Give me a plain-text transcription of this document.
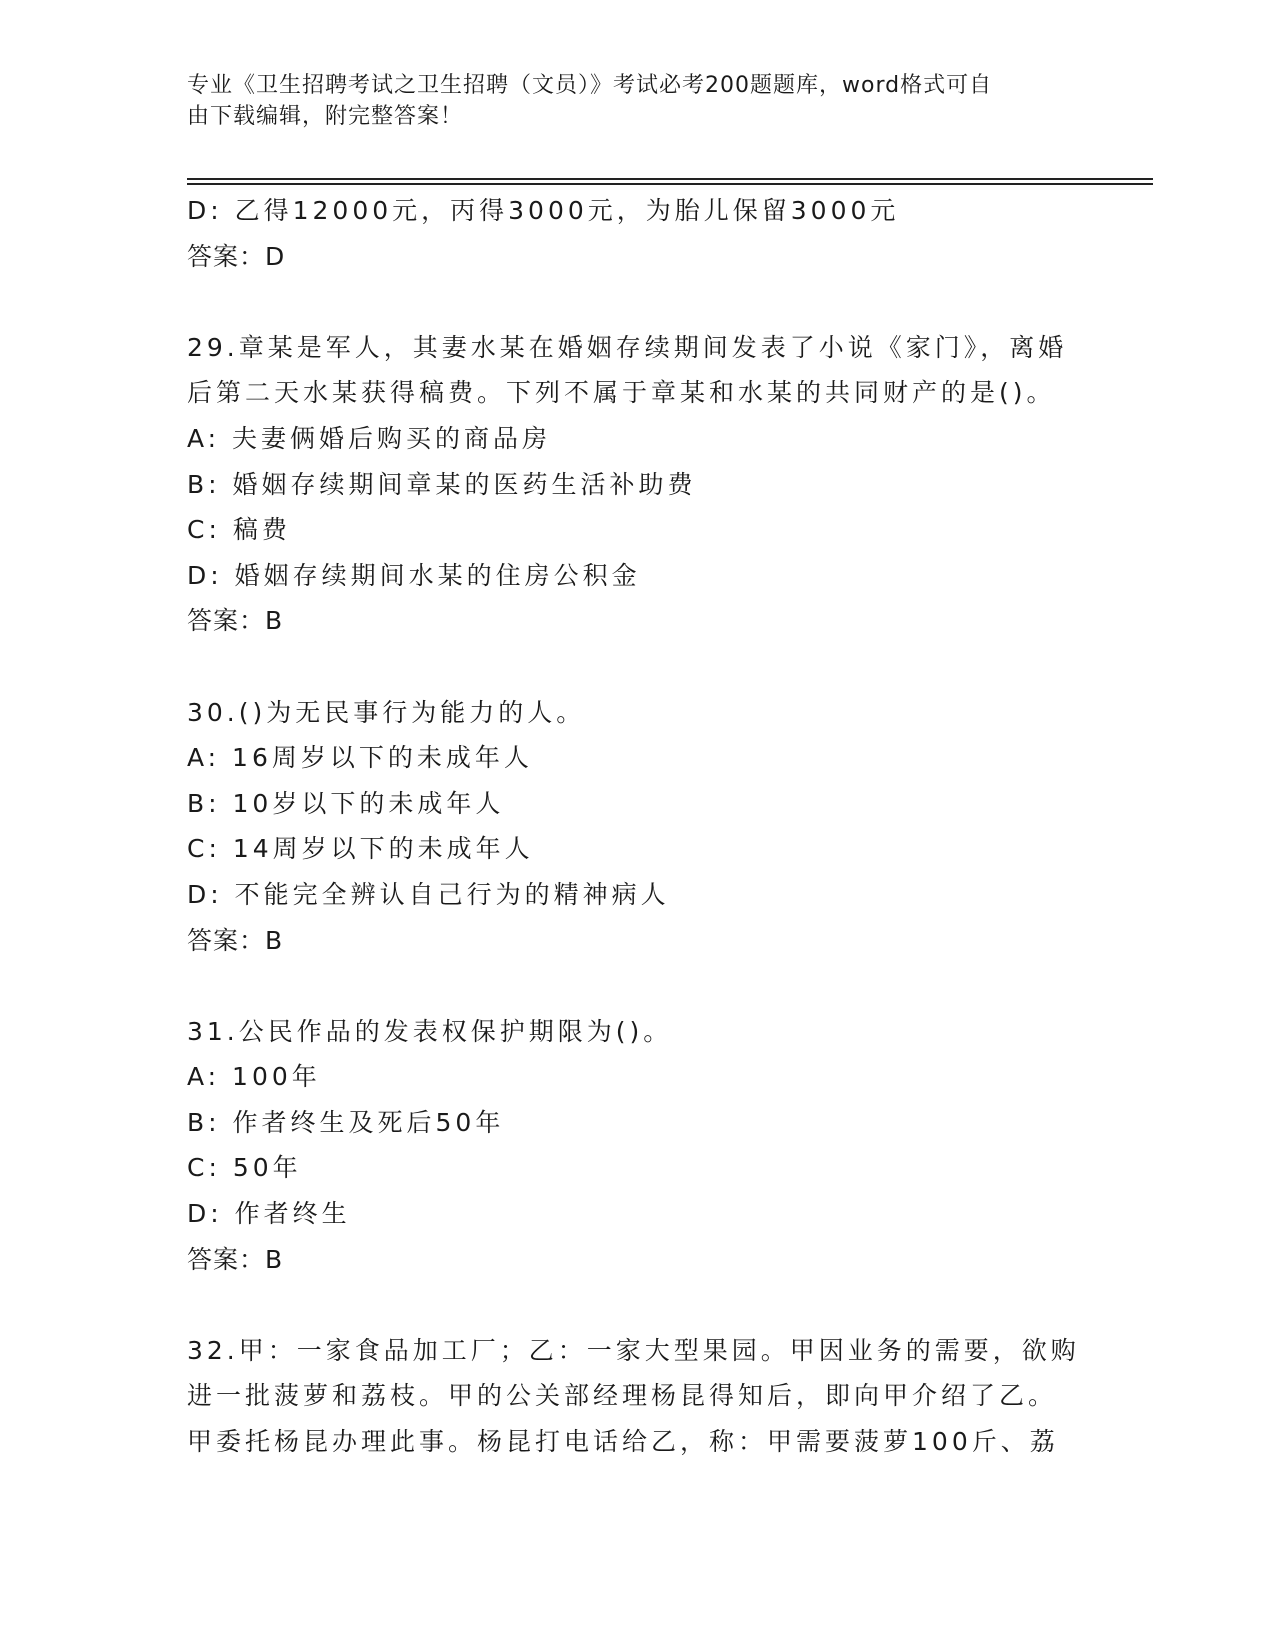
专业《卫生招聘考试之卫生招聘（文员）》考试必考200题题库，word格式可自
由下载编辑，附完整答案！
D: 乙得12000元，丙得3000元，为胎儿保留3000元
答案：D
29.章某是军人，其妻水某在婚姻存续期间发表了小说《家门》，离婚
后第二天水某获得稿费。下列不属于章某和水某的共同财产的是()。
A: 夫妻俩婚后购买的商品房
B: 婚姻存续期间章某的医药生活补助费
C: 稿费
D: 婚姻存续期间水某的住房公积金
答案：B
30.()为无民事行为能力的人。
A: 16周岁以下的未成年人
B: 10岁以下的未成年人
C: 14周岁以下的未成年人
D: 不能完全辨认自己行为的精神病人
答案：B
31.公民作品的发表权保护期限为()。
A: 100年
B: 作者终生及死后50年
C: 50年
D: 作者终生
答案：B
32.甲：一家食品加工厂；乙：一家大型果园。甲因业务的需要，欲购
进一批菠萝和荔枝。甲的公关部经理杨昆得知后，即向甲介绍了乙。
甲委托杨昆办理此事。杨昆打电话给乙，称：甲需要菠萝100斤、荔
